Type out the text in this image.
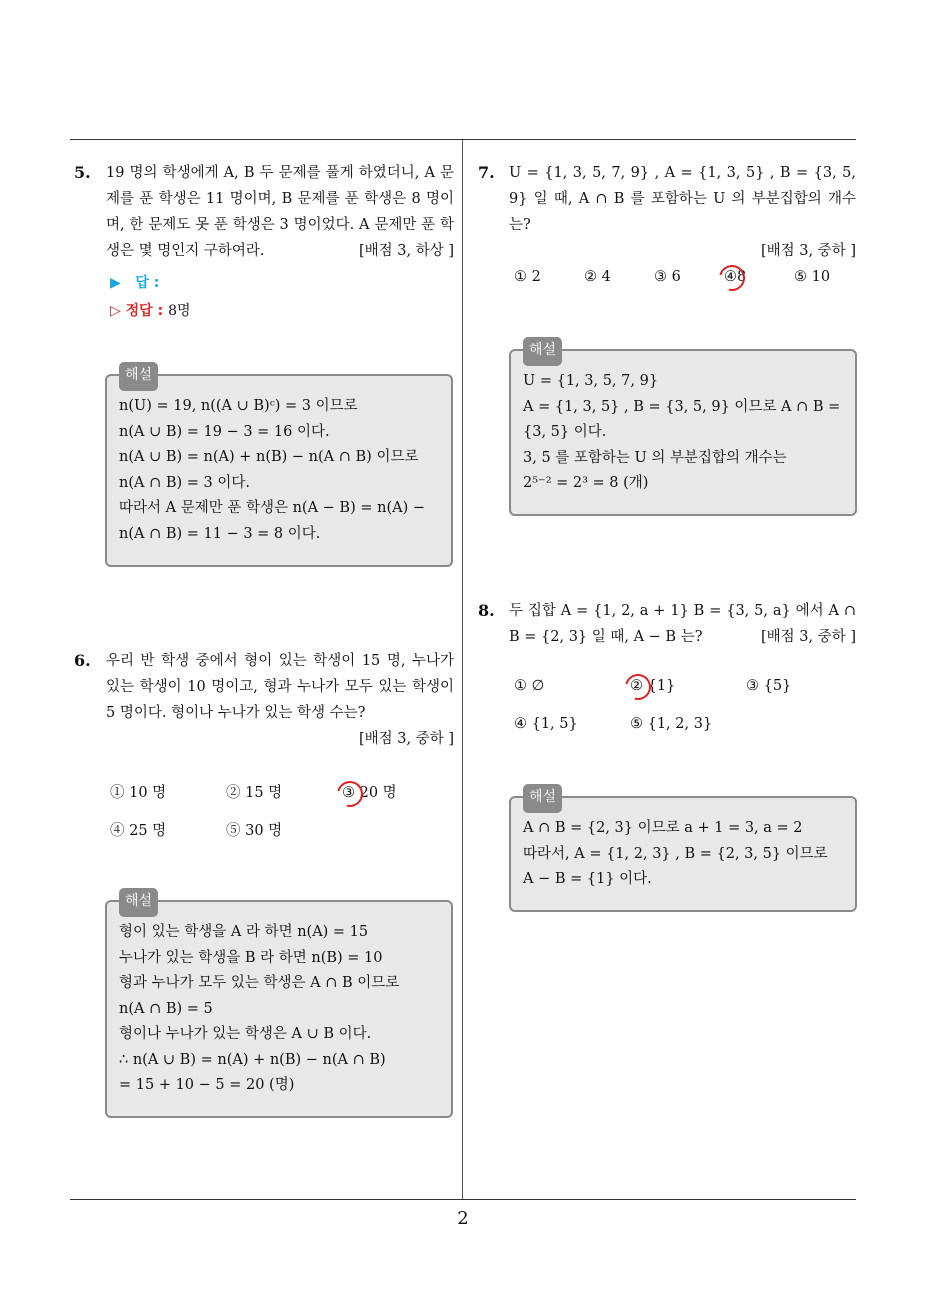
5. 19 명의 학생에게 A, B 두 문제를 풀게 하였더니, A 문제를 푼 학생은 11 명이며, B 문제를 푼 학생은 8 명이며, 한 문제도 못 푼 학생은 3 명이었다. A 문제만 푼 학생은 몇 명인지 구하여라.	[배점 3, 하상 ]
▶ 답 :
▷ 정답 : 8명
해설
n(U) = 19, n((A ∪ B)ᶜ) = 3 이므로
n(A ∪ B) = 19 − 3 = 16 이다.
n(A ∪ B) = n(A) + n(B) − n(A ∩ B) 이므로
n(A ∩ B) = 3 이다.
따라서 A 문제만 푼 학생은 n(A − B) = n(A) −
n(A ∩ B) = 11 − 3 = 8 이다.
6. 우리 반 학생 중에서 형이 있는 학생이 15 명, 누나가 있는 학생이 10 명이고, 형과 누나가 모두 있는 학생이 5 명이다. 형이나 누나가 있는 학생 수는?

[배점 3, 중하 ]
① 10 명	② 15 명	③ 20 명
④ 25 명	⑤ 30 명
해설
형이 있는 학생을 A 라 하면 n(A) = 15
누나가 있는 학생을 B 라 하면 n(B) = 10
형과 누나가 모두 있는 학생은 A ∩ B 이므로
n(A ∩ B) = 5
형이나 누나가 있는 학생은 A ∪ B 이다.
∴ n(A ∪ B) = n(A) + n(B) − n(A ∩ B)
= 15 + 10 − 5 = 20 (명)
7. U = {1, 3, 5, 7, 9} , A = {1, 3, 5} , B = {3, 5, 9} 일 때, A ∩ B 를 포함하는 U 의 부분집합의 개수는?

[배점 3, 중하 ]
① 2	② 4	③ 6	④8	⑤ 10
해설
U = {1, 3, 5, 7, 9}
A = {1, 3, 5} , B = {3, 5, 9} 이므로 A ∩ B =
{3, 5} 이다.
3, 5 를 포함하는 U 의 부분집합의 개수는
2⁵⁻² = 2³ = 8 (개)
8. 두 집합 A = {1, 2, a + 1} B = {3, 5, a} 에서 A ∩ B = {2, 3} 일 때, A − B 는?	[배점 3, 중하 ]
① ∅	② {1}	③ {5}
④ {1, 5}	⑤ {1, 2, 3}
해설
A ∩ B = {2, 3} 이므로 a + 1 = 3, a = 2
따라서, A = {1, 2, 3} , B = {2, 3, 5} 이므로
A − B = {1} 이다.
2
